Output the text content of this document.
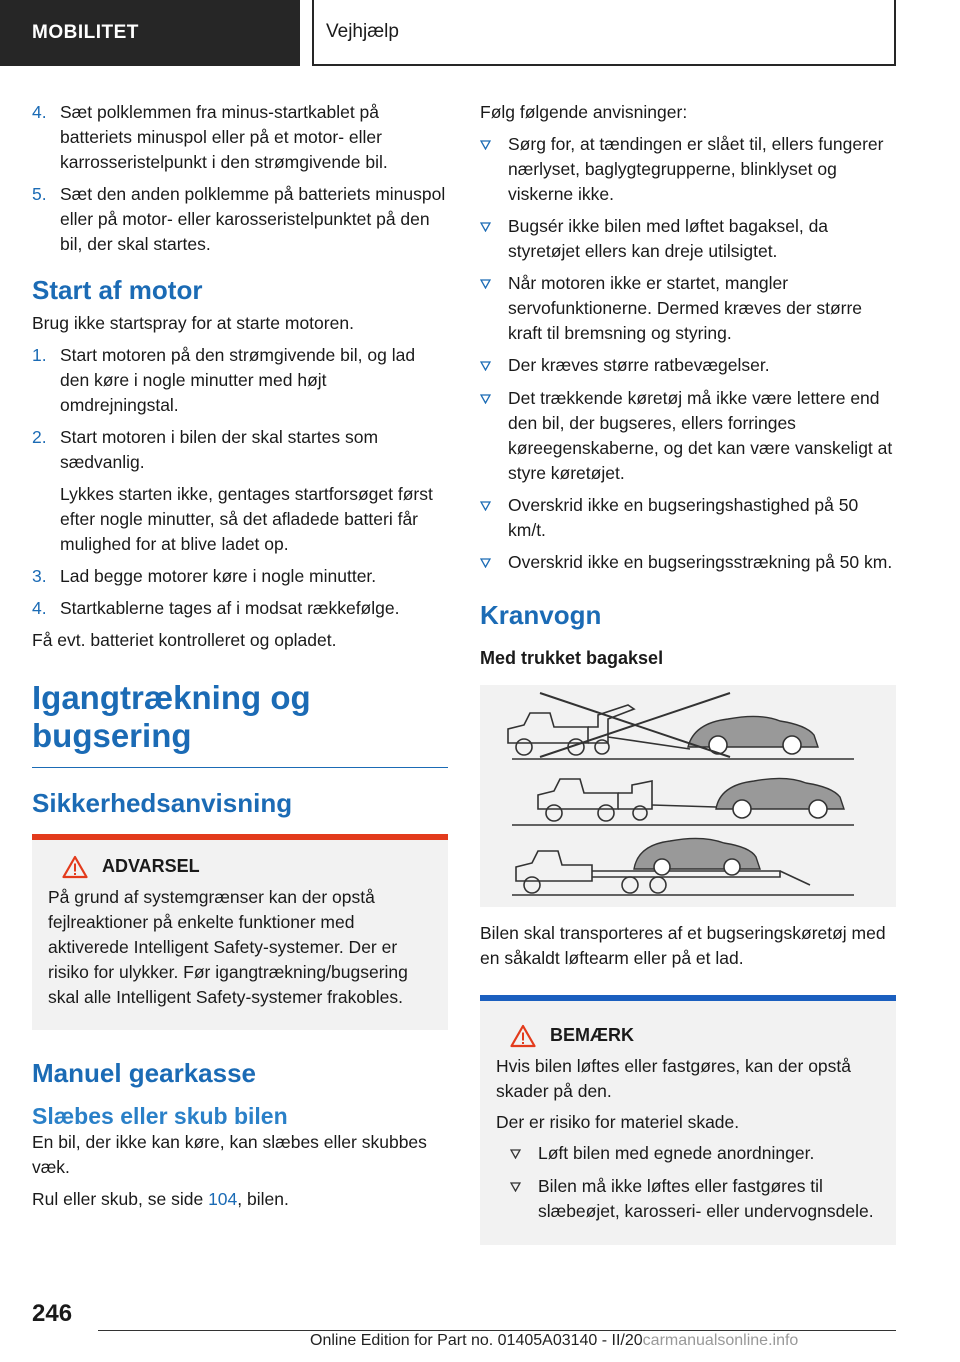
MOBILITET	Vejhjælp
4. Sæt polklemmen fra minus-startkablet på batteriets minuspol eller på et motor- eller karrosseristelpunkt i den strømgivende bil.
5. Sæt den anden polklemme på batteriets minuspol eller på motor- eller karosseristelpunktet på den bil, der skal startes.
Start af motor

Brug ikke startspray for at starte motoren.

1. Start motoren på den strømgivende bil, og lad den køre i nogle minutter med højt omdrejningstal.
2. Start motoren i bilen der skal startes som sædvanlig.
Lykkes starten ikke, gentages startforsøget først efter nogle minutter, så det afladede batteri får mulighed for at blive ladet op.
3. Lad begge motorer køre i nogle minutter.
4. Startkablerne tages af i modsat rækkefølge.

Få evt. batteriet kontrolleret og opladet.

Igangtrækning og bugsering
Sikkerhedsanvisning
ADVARSEL

På grund af systemgrænser kan der opstå fejlreaktioner på enkelte funktioner med aktiverede Intelligent Safety-systemer. Der er risiko for ulykker. Før igangtrækning/bugsering skal alle Intelligent Safety-systemer frakobles.

Manuel gearkasse
Slæbes eller skub bilen

En bil, der ikke kan køre, kan slæbes eller skubbes væk.

Rul eller skub, se side 104, bilen.

Følg følgende anvisninger:

Sørg for, at tændingen er slået til, ellers fungerer nærlyset, baglygtegrupperne, blinklyset og viskerne ikke.
Bugsér ikke bilen med løftet bagaksel, da styretøjet ellers kan dreje utilsigtet.
Når motoren ikke er startet, mangler servofunktionerne. Dermed kræves der større kraft til bremsning og styring.
Der kræves større ratbevægelser.
Det trækkende køretøj må ikke være lettere end den bil, der bugseres, ellers forringes køreegenskaberne, og det kan være vanskeligt at styre køretøjet.
Overskrid ikke en bugseringshastighed på 50 km/t.
Overskrid ikke en bugseringsstrækning på 50 km.
Kranvogn
Med trukket bagaksel

Bilen skal transporteres af et bugseringskøretøj med en såkaldt løftearm eller på et lad.

BEMÆRK

Hvis bilen løftes eller fastgøres, kan der opstå skader på den.

Der er risiko for materiel skade.

Løft bilen med egnede anordninger.
Bilen må ikke løftes eller fastgøres til slæbeøjet, karosseri- eller undervognsdele.
246
Online Edition for Part no. 01405A03140 - II/20carmanualsonline.info
